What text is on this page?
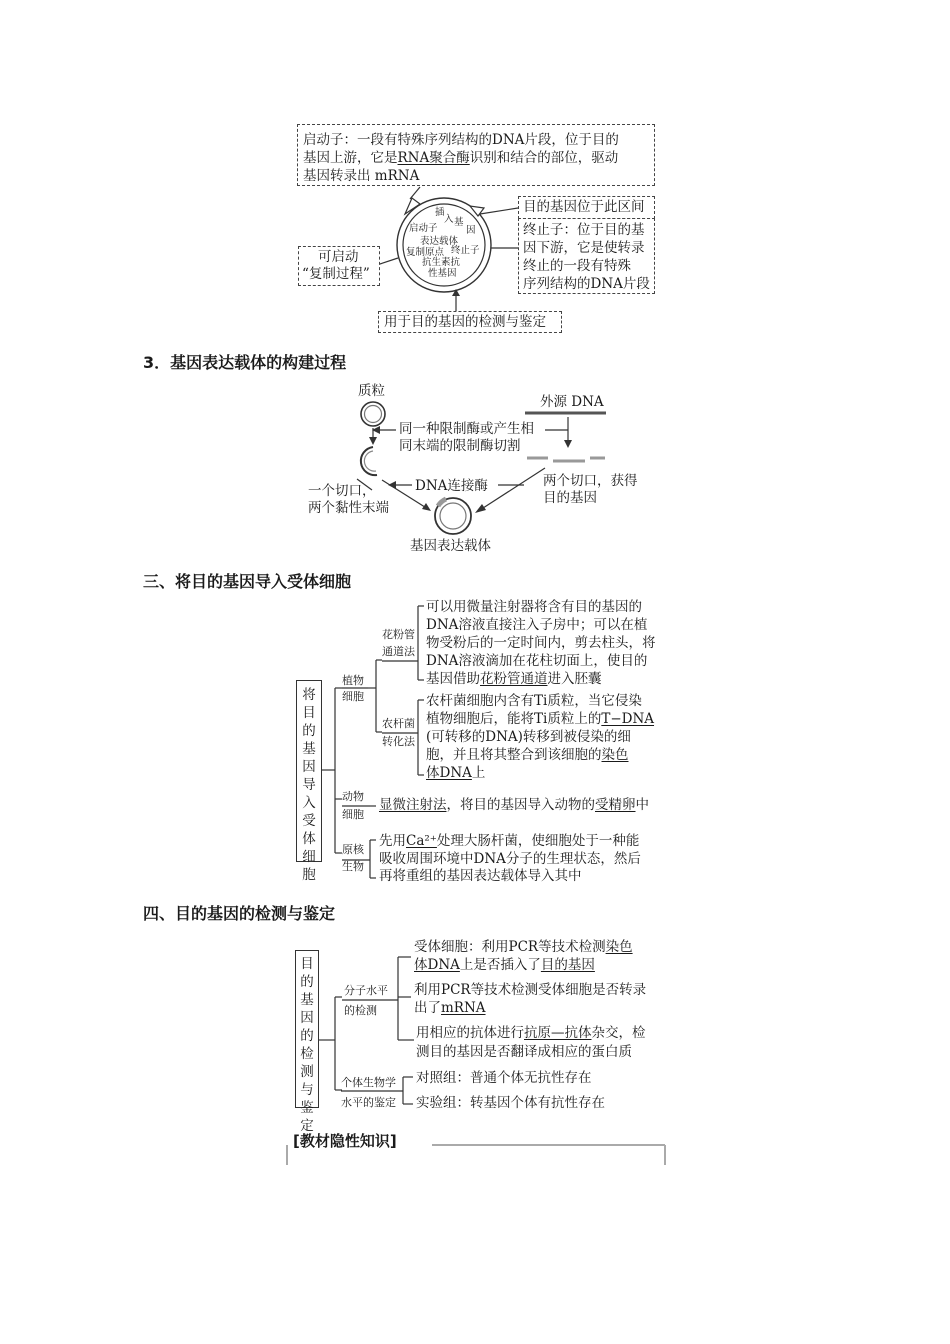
启动子：一段有特殊序列结构的DNA片段，位于目的
基因上游，它是RNA聚合酶识别和结合的部位，驱动
基因转录出 mRNA
目的基因位于此区间
终止子：位于目的基
因下游，它是使转录
终止的一段有特殊
序列结构的DNA片段
可启动
“复制过程”
用于目的基因的检测与鉴定
插
入 基
因
启动子
表达载体
复制原点 终止子
抗生素抗
性基因
3．基因表达载体的构建过程
质粒
外源 DNA
同一种限制酶或产生相
同末端的限制酶切割
DNA连接酶
一个切口，
两个黏性末端
两个切口，获得
目的基因
基因表达载体
三、将目的基因导入受体细胞
将目的基因导入受体细胞
植物
细胞
花粉管
通道法
可以用微量注射器将含有目的基因的
DNA溶液直接注入子房中；可以在植
物受粉后的一定时间内，剪去柱头，将
DNA溶液滴加在花柱切面上，使目的
基因借助花粉管通道进入胚囊
农杆菌
转化法
农杆菌细胞内含有Ti质粒，当它侵染
植物细胞后，能将Ti质粒上的T−DNA
(可转移的DNA)转移到被侵染的细
胞，并且将其整合到该细胞的染色
体DNA上
动物
细胞
显微注射法，将目的基因导入动物的受精卵中
原核
生物
先用Ca²⁺处理大肠杆菌，使细胞处于一种能
吸收周围环境中DNA分子的生理状态，然后
再将重组的基因表达载体导入其中
四、目的基因的检测与鉴定
目的基因的检测与鉴定
分子水平
的检测
受体细胞：利用PCR等技术检测染色
体DNA上是否插入了目的基因
利用PCR等技术检测受体细胞是否转录
出了mRNA
用相应的抗体进行抗原—抗体杂交，检
测目的基因是否翻译成相应的蛋白质
个体生物学
水平的鉴定
对照组：普通个体无抗性存在
实验组：转基因个体有抗性存在
[教材隐性知识]
